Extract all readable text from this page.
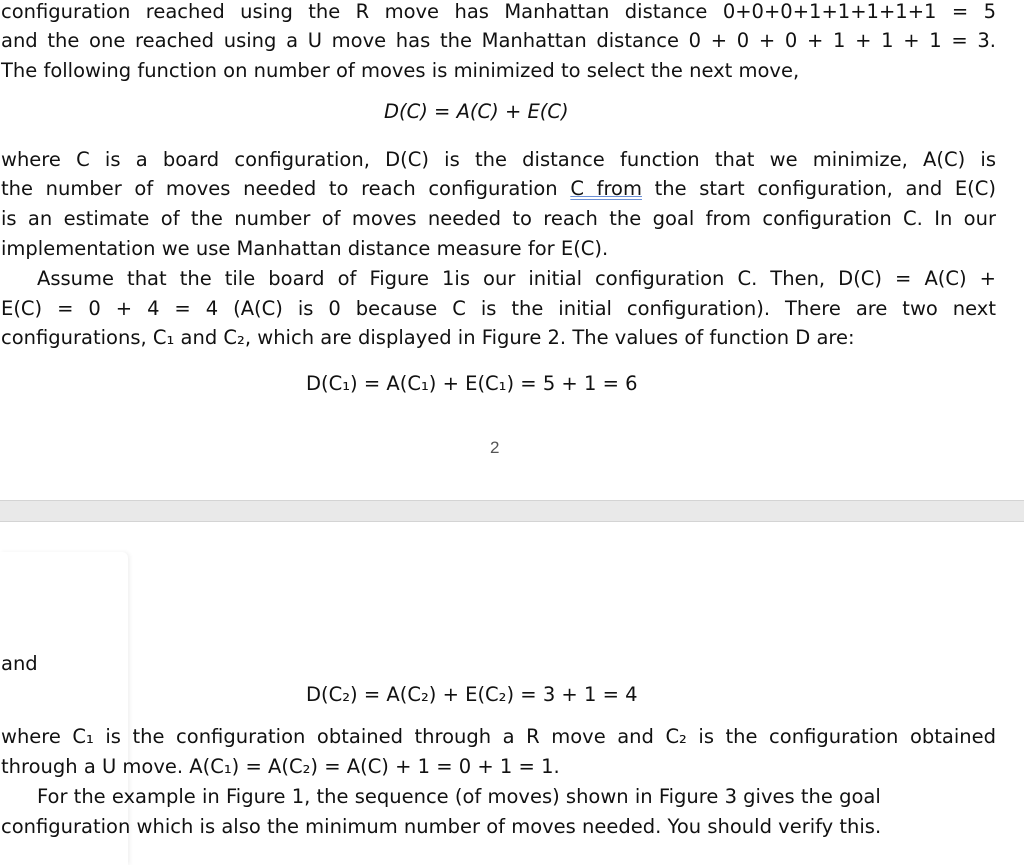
configuration reached using the R move has Manhattan distance 0+0+0+1+1+1+1+1 = 5
and the one reached using a U move has the Manhattan distance 0 + 0 + 0 + 1 + 1 + 1 = 3.
The following function on number of moves is minimized to select the next move,
D(C) = A(C) + E(C)
where C is a board configuration, D(C) is the distance function that we minimize, A(C) is
the number of moves needed to reach configuration C from the start configuration, and E(C)
is an estimate of the number of moves needed to reach the goal from configuration C. In our
implementation we use Manhattan distance measure for E(C).
Assume that the tile board of Figure 1is our initial configuration C. Then, D(C) = A(C) +
E(C) = 0 + 4 = 4 (A(C) is 0 because C is the initial configuration). There are two next
configurations, C₁ and C₂, which are displayed in Figure 2. The values of function D are:
D(C₁) = A(C₁) + E(C₁) = 5 + 1 = 6
2
and
D(C₂) = A(C₂) + E(C₂) = 3 + 1 = 4
where C₁ is the configuration obtained through a R move and C₂ is the configuration obtained
through a U move. A(C₁) = A(C₂) = A(C) + 1 = 0 + 1 = 1.
For the example in Figure 1, the sequence (of moves) shown in Figure 3 gives the goal
configuration which is also the minimum number of moves needed. You should verify this.
